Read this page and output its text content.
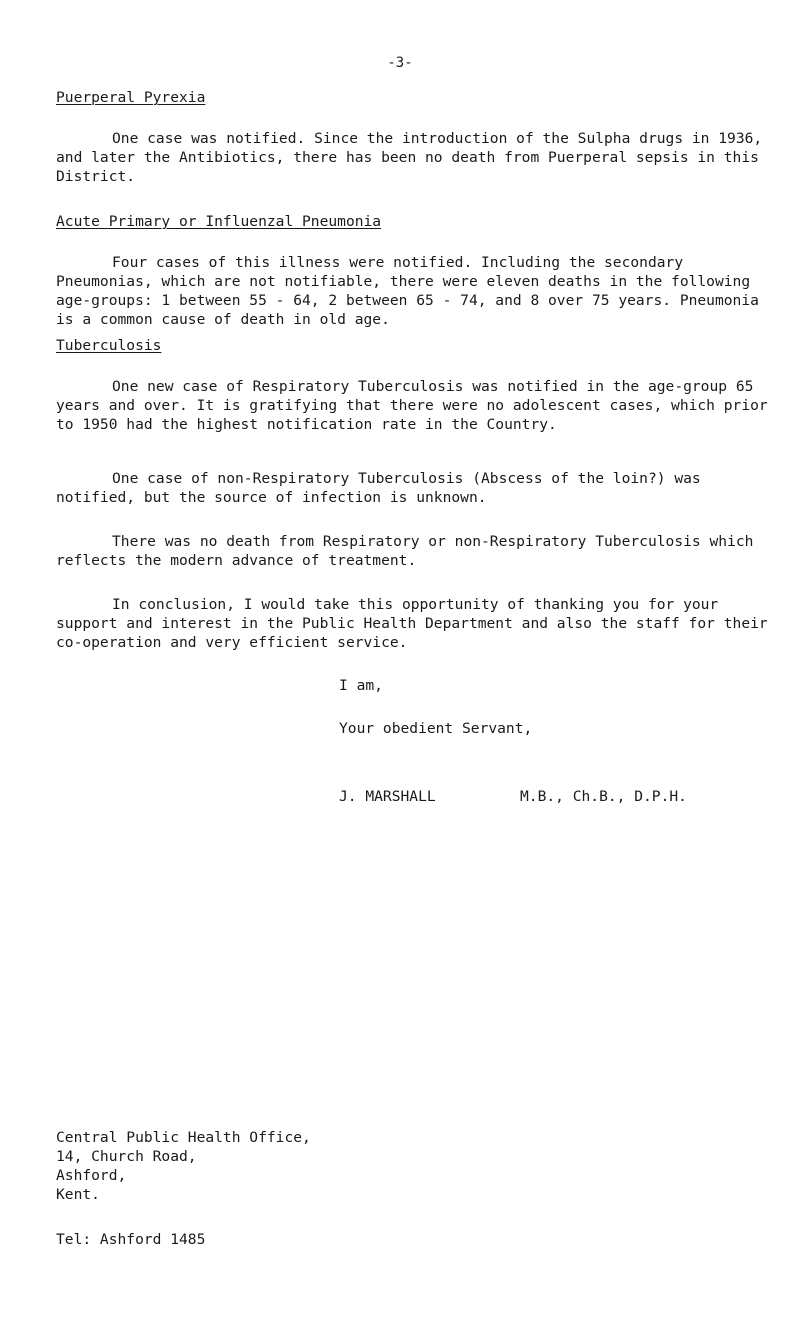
-3-

Puerperal Pyrexia

One case was notified. Since the introduction of the Sulpha drugs in 1936, and later the Antibiotics, there has been no death from Puerperal sepsis in this District.

Acute Primary or Influenzal Pneumonia

Four cases of this illness were notified. Including the secondary Pneumonias, which are not notifiable, there were eleven deaths in the following age-groups: 1 between 55 - 64, 2 between 65 - 74, and 8 over 75 years. Pneumonia is a common cause of death in old age.

Tuberculosis

One new case of Respiratory Tuberculosis was notified in the age-group 65 years and over. It is gratifying that there were no adolescent cases, which prior to 1950 had the highest notification rate in the Country.

One case of non-Respiratory Tuberculosis (Abscess of the loin?) was notified, but the source of infection is unknown.

There was no death from Respiratory or non-Respiratory Tuberculosis which reflects the modern advance of treatment.

In conclusion, I would take this opportunity of thanking you for your support and interest in the Public Health Department and also the staff for their co-operation and very efficient service.

I am,
Your obedient Servant,
J. MARSHALL	M.B., Ch.B., D.P.H.
Central Public Health Office,
14, Church Road,
Ashford,
Kent.
Tel: Ashford 1485
